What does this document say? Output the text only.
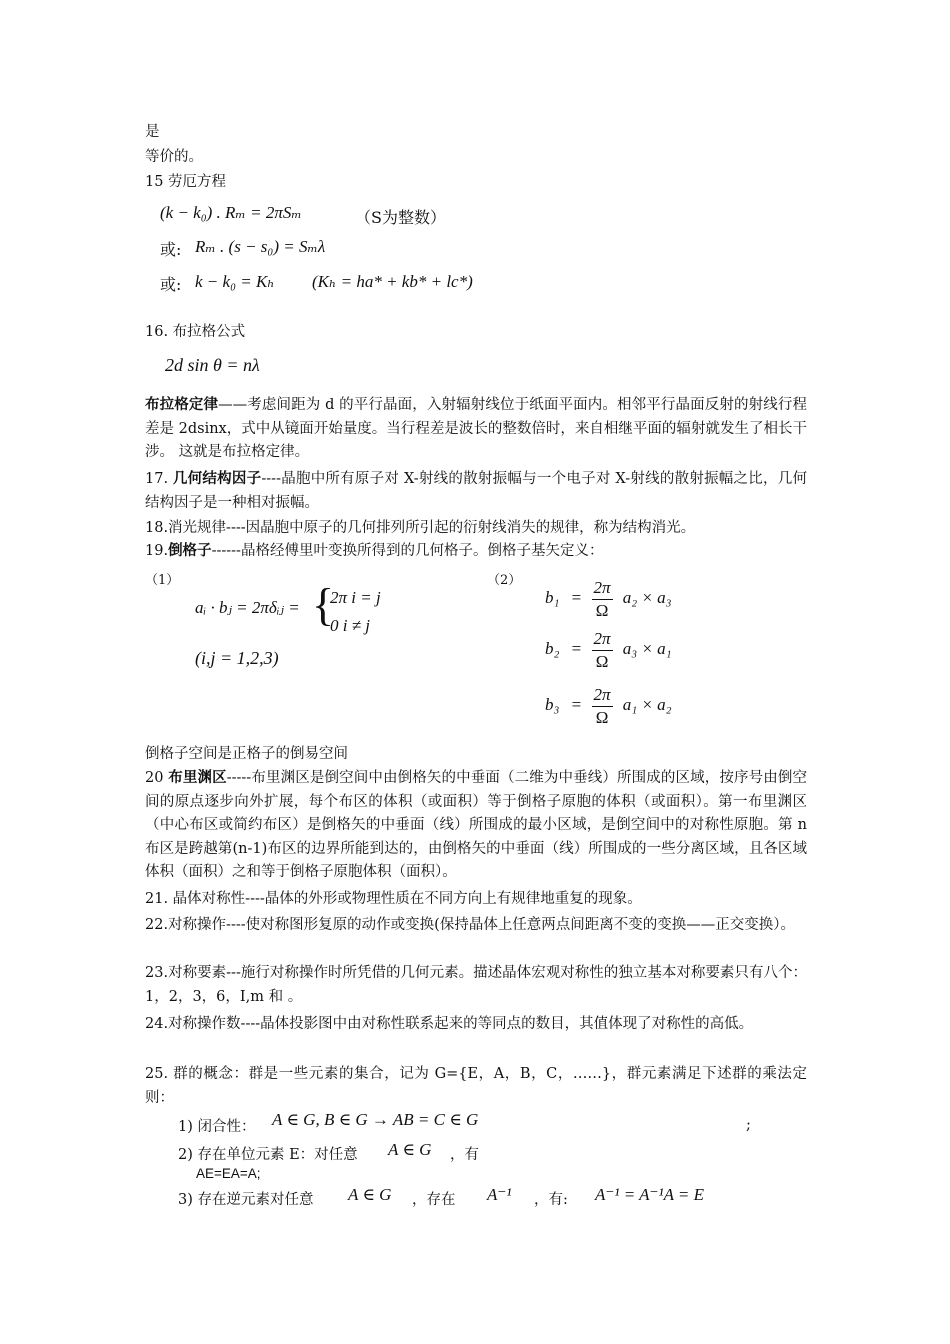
是
等价的。
15 劳厄方程
(k − k₀) . Rₘ = 2πSₘ	（S为整数）
或: Rₘ . (s − s₀) = Sₘλ
或: k − k₀ = Kₕ (Kₕ = ha* + kb* + lc*)
16. 布拉格公式
2d sin θ = nλ
布拉格定律——考虑间距为 d 的平行晶面，入射辐射线位于纸面平面内。相邻平行晶面反射的射线行程差是 2dsinx，式中从镜面开始量度。当行程差是波长的整数倍时，来自相继平面的辐射就发生了相长干涉。 这就是布拉格定律。
17. 几何结构因子----晶胞中所有原子对 X-射线的散射振幅与一个电子对 X-射线的散射振幅之比，几何结构因子是一种相对振幅。
18.消光规律----因晶胞中原子的几何排列所引起的衍射线消失的规律，称为结构消光。
19.倒格子------晶格经傅里叶变换所得到的几何格子。倒格子基矢定义：
（1）
aᵢ · bⱼ = 2πδᵢⱼ = {
2π i = j
0 i ≠ j
(i,j = 1,2,3)
（2）
$b_1 = \frac{2\pi}{\Omega} a_2 \times a_3$
$b_2 = \frac{2\pi}{\Omega} a_3 \times a_1$
$b_3 = \frac{2\pi}{\Omega} a_1 \times a_2$
倒格子空间是正格子的倒易空间
20 布里渊区-----布里渊区是倒空间中由倒格矢的中垂面（二维为中垂线）所围成的区域，按序号由倒空间的原点逐步向外扩展，每个布区的体积（或面积）等于倒格子原胞的体积（或面积）。第一布里渊区（中心布区或简约布区）是倒格矢的中垂面（线）所围成的最小区域，是倒空间中的对称性原胞。第 n 布区是跨越第(n-1)布区的边界所能到达的，由倒格矢的中垂面（线）所围成的一些分离区域，且各区域体积（面积）之和等于倒格子原胞体积（面积）。
21. 晶体对称性----晶体的外形或物理性质在不同方向上有规律地重复的现象。
22.对称操作----使对称图形复原的动作或变换(保持晶体上任意两点间距离不变的变换——正交变换）。
23.对称要素---施行对称操作时所凭借的几何元素。描述晶体宏观对称性的独立基本对称要素只有八个：1，2，3，6，I,m 和 。
24.对称操作数----晶体投影图中由对称性联系起来的等同点的数目，其值体现了对称性的高低。
25. 群的概念：群是一些元素的集合，记为 G={E，A，B，C，……}，群元素满足下述群的乘法定则：
1) 闭合性： A ∈ G, B ∈ G → AB = C ∈ G	;
2) 存在单位元素 E：对任意 A ∈ G ，有
AE=EA=A;
3) 存在逆元素对任意 A ∈ G ，存在 A⁻¹ ，有: A⁻¹ = A⁻¹A = E
